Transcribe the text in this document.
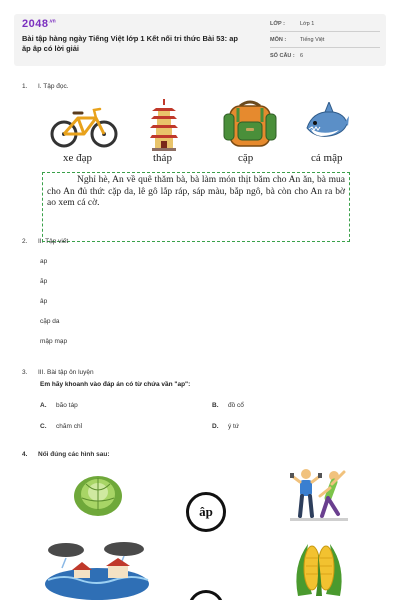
$2048^{.vn}$
Bài tập hàng ngày Tiếng Việt lớp 1 Kết nối tri thức Bài 53: ap ăp âp có lời giải
LỚP :	Lớp 1
MÔN :	Tiếng Việt
SỐ CÂU : 6
1. I. Tập đọc.
xe đạp	tháp	cặp	cá mập
Nghỉ hè, An về quê thăm bà, bà làm món thịt băm cho An ăn, bà mua cho An đủ thứ: cặp da, lê gô lắp ráp, sáp màu, bắp ngô, bà còn cho An ra bờ ao xem cá cờ.
2. II. Tập viết
ap
ăp
âp
cặp da
mập mạp
3. III. Bài tập ôn luyện
Em hãy khoanh vào đáp án có từ chứa vần "ap":
A. bão táp	B. đồ cổ
C. chăm chỉ	D. ý tứ
4. Nối đúng các hình sau:
âp
